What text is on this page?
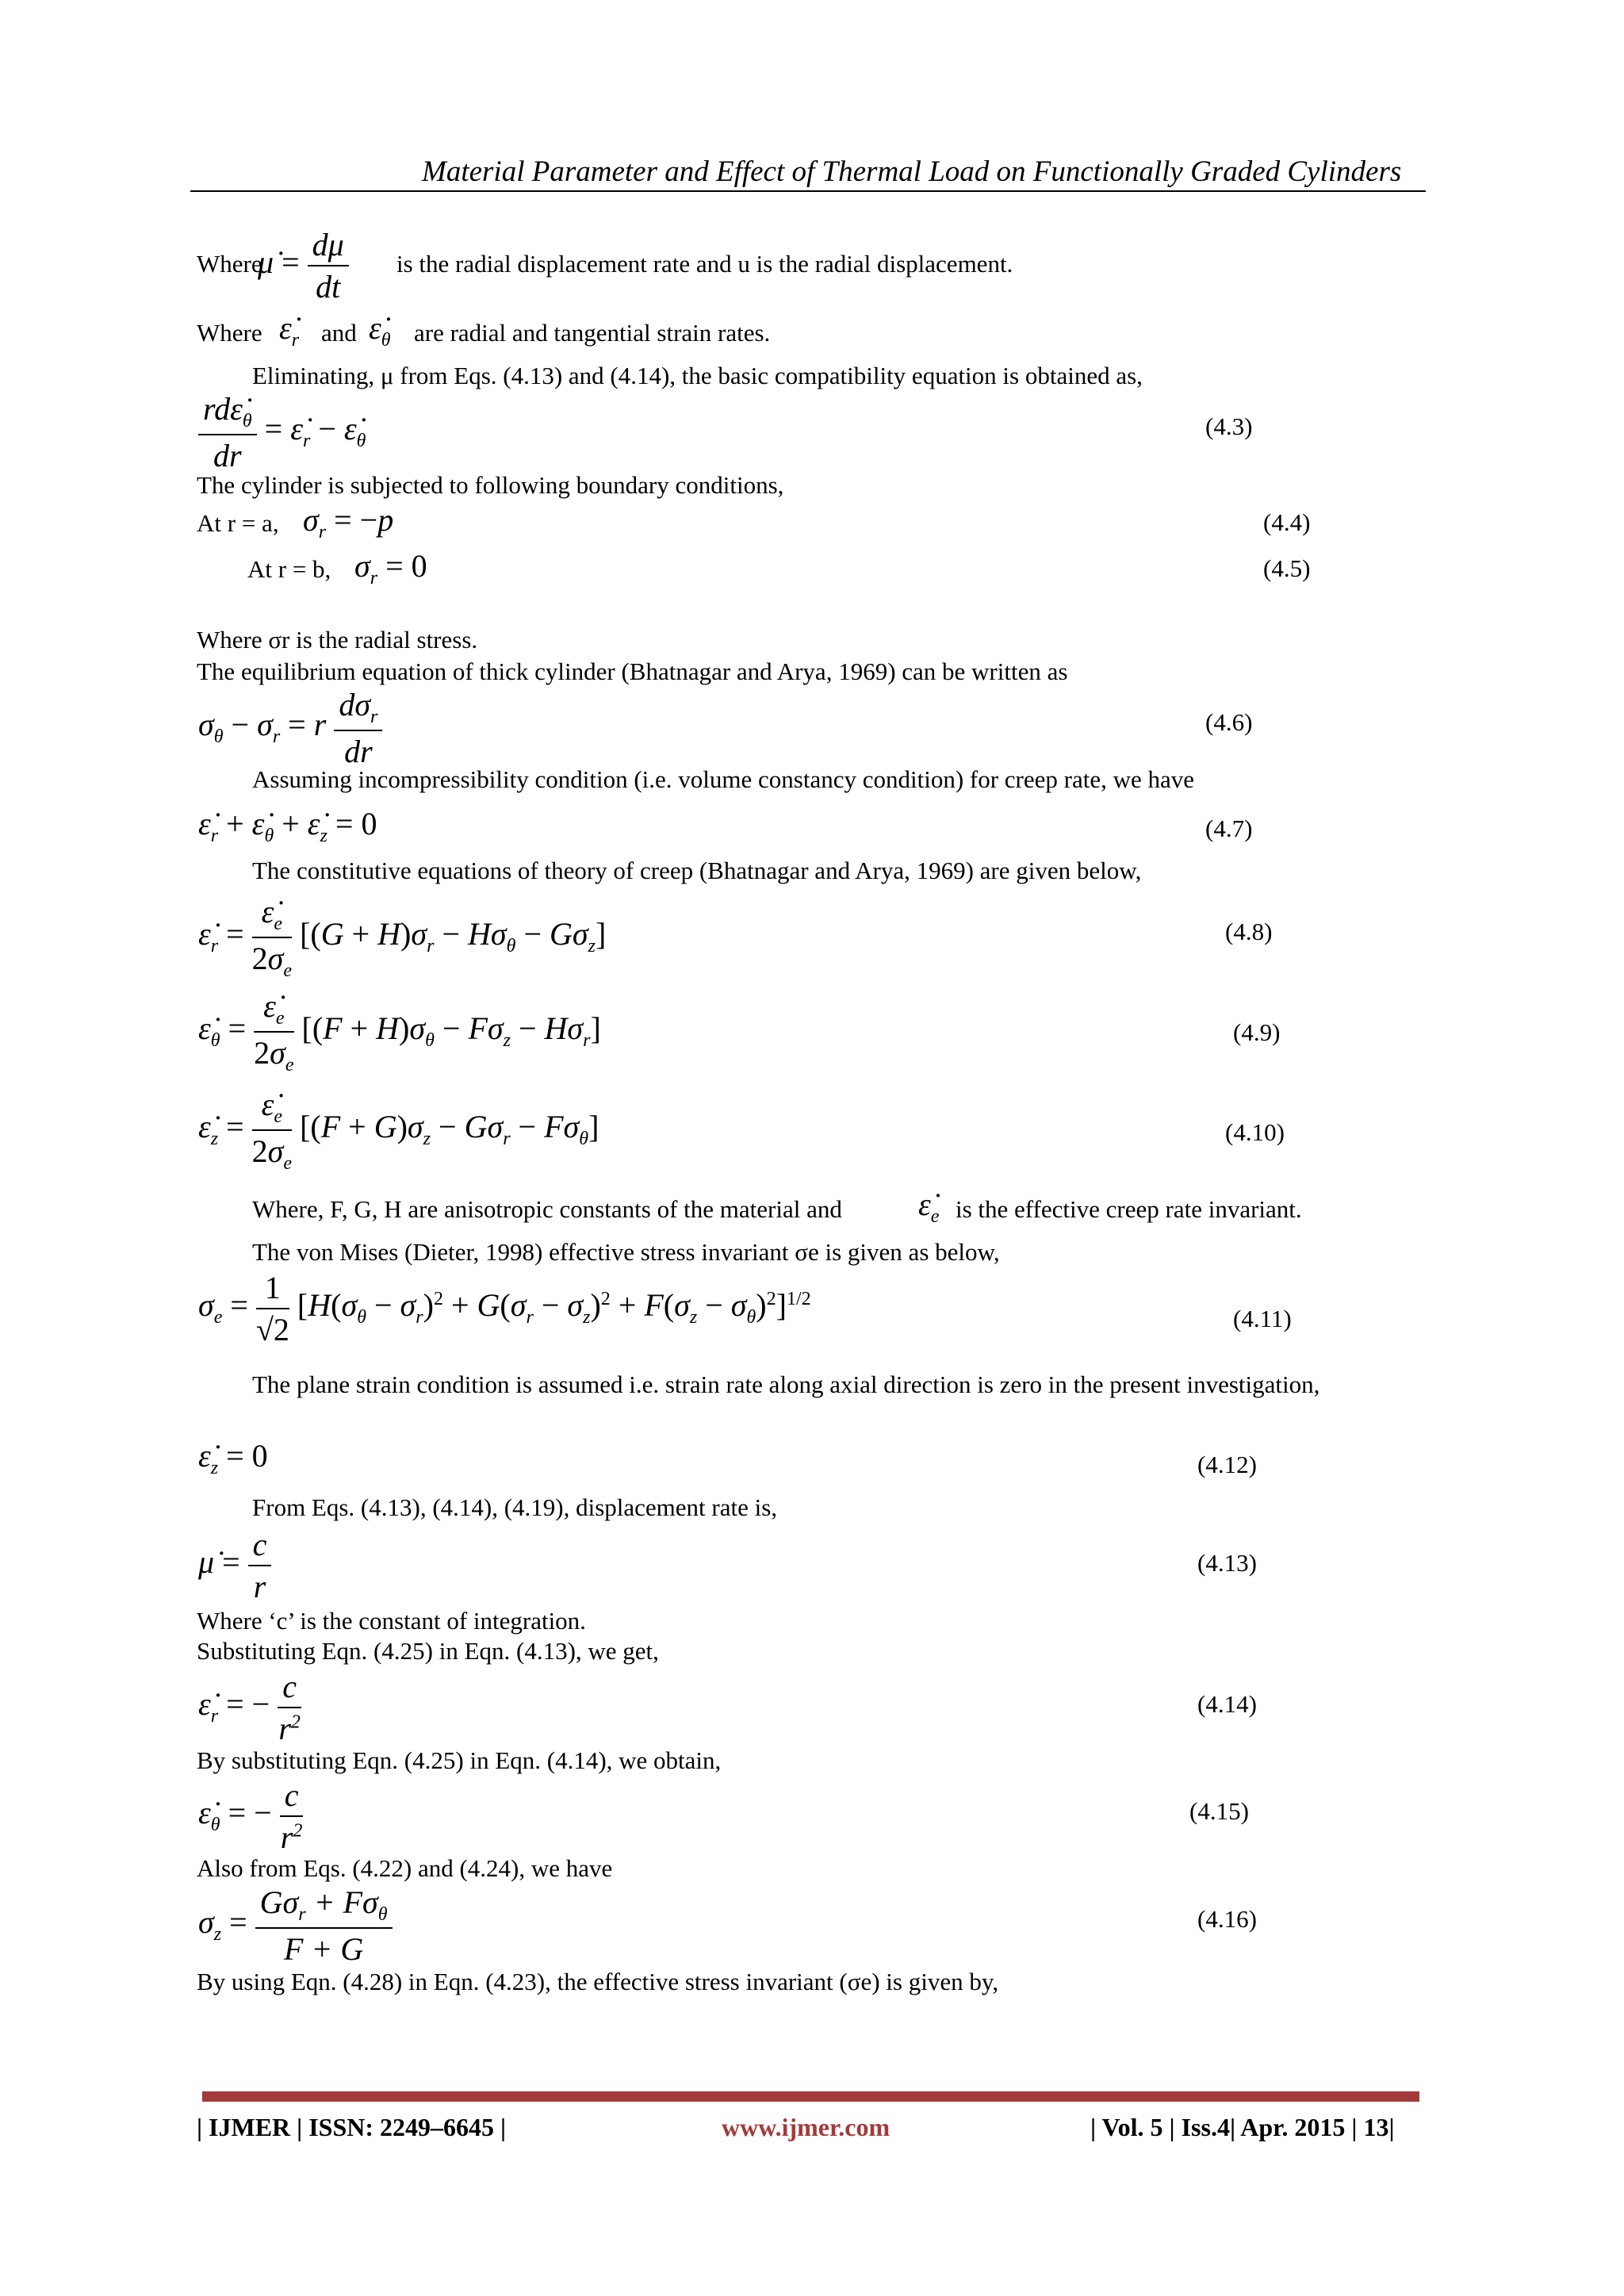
Material Parameter and Effect of Thermal Load on Functionally Graded Cylinders
Where
μ̇ = $\frac{d\mu}{dt}$ is the radial displacement rate and u is the radial displacement.
Where $\varepsiloṅ_r$ and $\varepsiloṅ_\theta$ are radial and tangential strain rates.
Eliminating, μ from Eqs. (4.13) and (4.14), the basic compatibility equation is obtained as,
$\frac{rd\varepsiloṅ_\theta}{dr}$ = $\varepsiloṅ_r$ − $\varepsiloṅ_\theta$
(4.3)
The cylinder is subjected to following boundary conditions,
At r = a, $\sigma_r = -p$	(4.4)
At r = b, $\sigma_r = 0$	(4.5)
Where σr is the radial stress.
The equilibrium equation of thick cylinder (Bhatnagar and Arya, 1969) can be written as
$\sigma_\theta - \sigma_r = r \frac{d\sigma_r}{dr}$	(4.6)
Assuming incompressibility condition (i.e. volume constancy condition) for creep rate, we have
$\varepsiloṅ_r$ + $\varepsiloṅ_\theta$ + $\varepsiloṅ_z = 0$	(4.7)
The constitutive equations of theory of creep (Bhatnagar and Arya, 1969) are given below,
$\varepsiloṅ_r = \frac{\varepsiloṅ_e}{2\sigma_e} [(G + H)\sigma_r - H\sigma_\theta - G\sigma_z]$	(4.8)
$\varepsiloṅ_\theta = \frac{\varepsiloṅ_e}{2\sigma_e} [(F + H)\sigma_\theta - F\sigma_z - H\sigma_r]$	(4.9)
$\varepsiloṅ_z = \frac{\varepsiloṅ_e}{2\sigma_e} [(F + G)\sigma_z - G\sigma_r - F\sigma_\theta]$	(4.10)
Where, F, G, H are anisotropic constants of the material and $\varepsiloṅ_e$ is the effective creep rate invariant.
The von Mises (Dieter, 1998) effective stress invariant σe is given as below,
$\sigma_e = \frac{1}{√2} [H(\sigma_\theta - \sigma_r)^2 + G(\sigma_r - \sigma_z)^2 + F(\sigma_z - \sigma_\theta)^2]^{1/2}$
(4.11)
The plane strain condition is assumed i.e. strain rate along axial direction is zero in the present investigation,
$\varepsiloṅ_z = 0$	(4.12)
From Eqs. (4.13), (4.14), (4.19), displacement rate is,
μ̇ = $\frac{c}{r}$	(4.13)
Where ‘c’ is the constant of integration.
Substituting Eqn. (4.25) in Eqn. (4.13), we get,
$\varepsiloṅ_r$ = − $\frac{c}{r^2}$	(4.14)
By substituting Eqn. (4.25) in Eqn. (4.14), we obtain,
$\varepsiloṅ_\theta$ = − $\frac{c}{r^2}$	(4.15)
Also from Eqs. (4.22) and (4.24), we have
$\sigma_z = \frac{G\sigma_r + F\sigma_\theta}{F + G}$	(4.16)
By using Eqn. (4.28) in Eqn. (4.23), the effective stress invariant (σe) is given by,
| IJMER | ISSN: 2249–6645 |	www.ijmer.com	| Vol. 5 | Iss.4| Apr. 2015 | 13|
